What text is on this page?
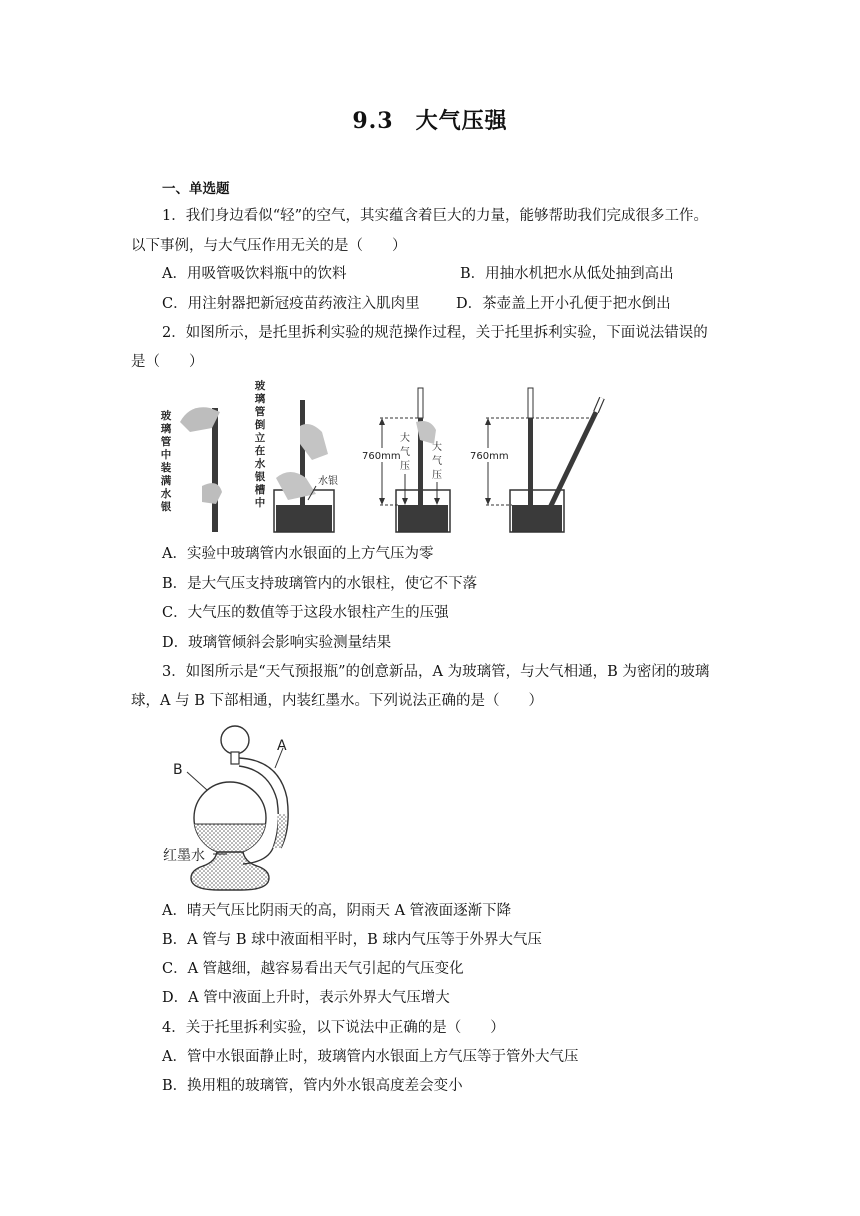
9.3 大气压强
一、单选题
1．我们身边看似“轻”的空气，其实蕴含着巨大的力量，能够帮助我们完成很多工作。
以下事例，与大气压作用无关的是（　　）
A．用吸管吸饮料瓶中的饮料	B．用抽水机把水从低处抽到高出
C．用注射器把新冠疫苗药液注入肌肉里	D．茶壶盖上开小孔便于把水倒出
2．如图所示，是托里拆利实验的规范操作过程，关于托里拆利实验，下面说法错误的
是（　　）
玻
璃
管
中
装
满
水
银
玻
璃
管
倒
立
在
水
银
槽
中
水银
760mm
大
气
压
大
气
压
760mm
A．实验中玻璃管内水银面的上方气压为零
B．是大气压支持玻璃管内的水银柱，使它不下落
C．大气压的数值等于这段水银柱产生的压强
D．玻璃管倾斜会影响实验测量结果
3．如图所示是“天气预报瓶”的创意新品，A 为玻璃管，与大气相通，B 为密闭的玻璃
球，A 与 B 下部相通，内装红墨水。下列说法正确的是（　　）
B
A
红墨水
A．晴天气压比阴雨天的高，阴雨天 A 管液面逐渐下降
B．A 管与 B 球中液面相平时，B 球内气压等于外界大气压
C．A 管越细，越容易看出天气引起的气压变化
D．A 管中液面上升时，表示外界大气压增大
4．关于托里拆利实验，以下说法中正确的是（　　）
A．管中水银面静止时，玻璃管内水银面上方气压等于管外大气压
B．换用粗的玻璃管，管内外水银高度差会变小
